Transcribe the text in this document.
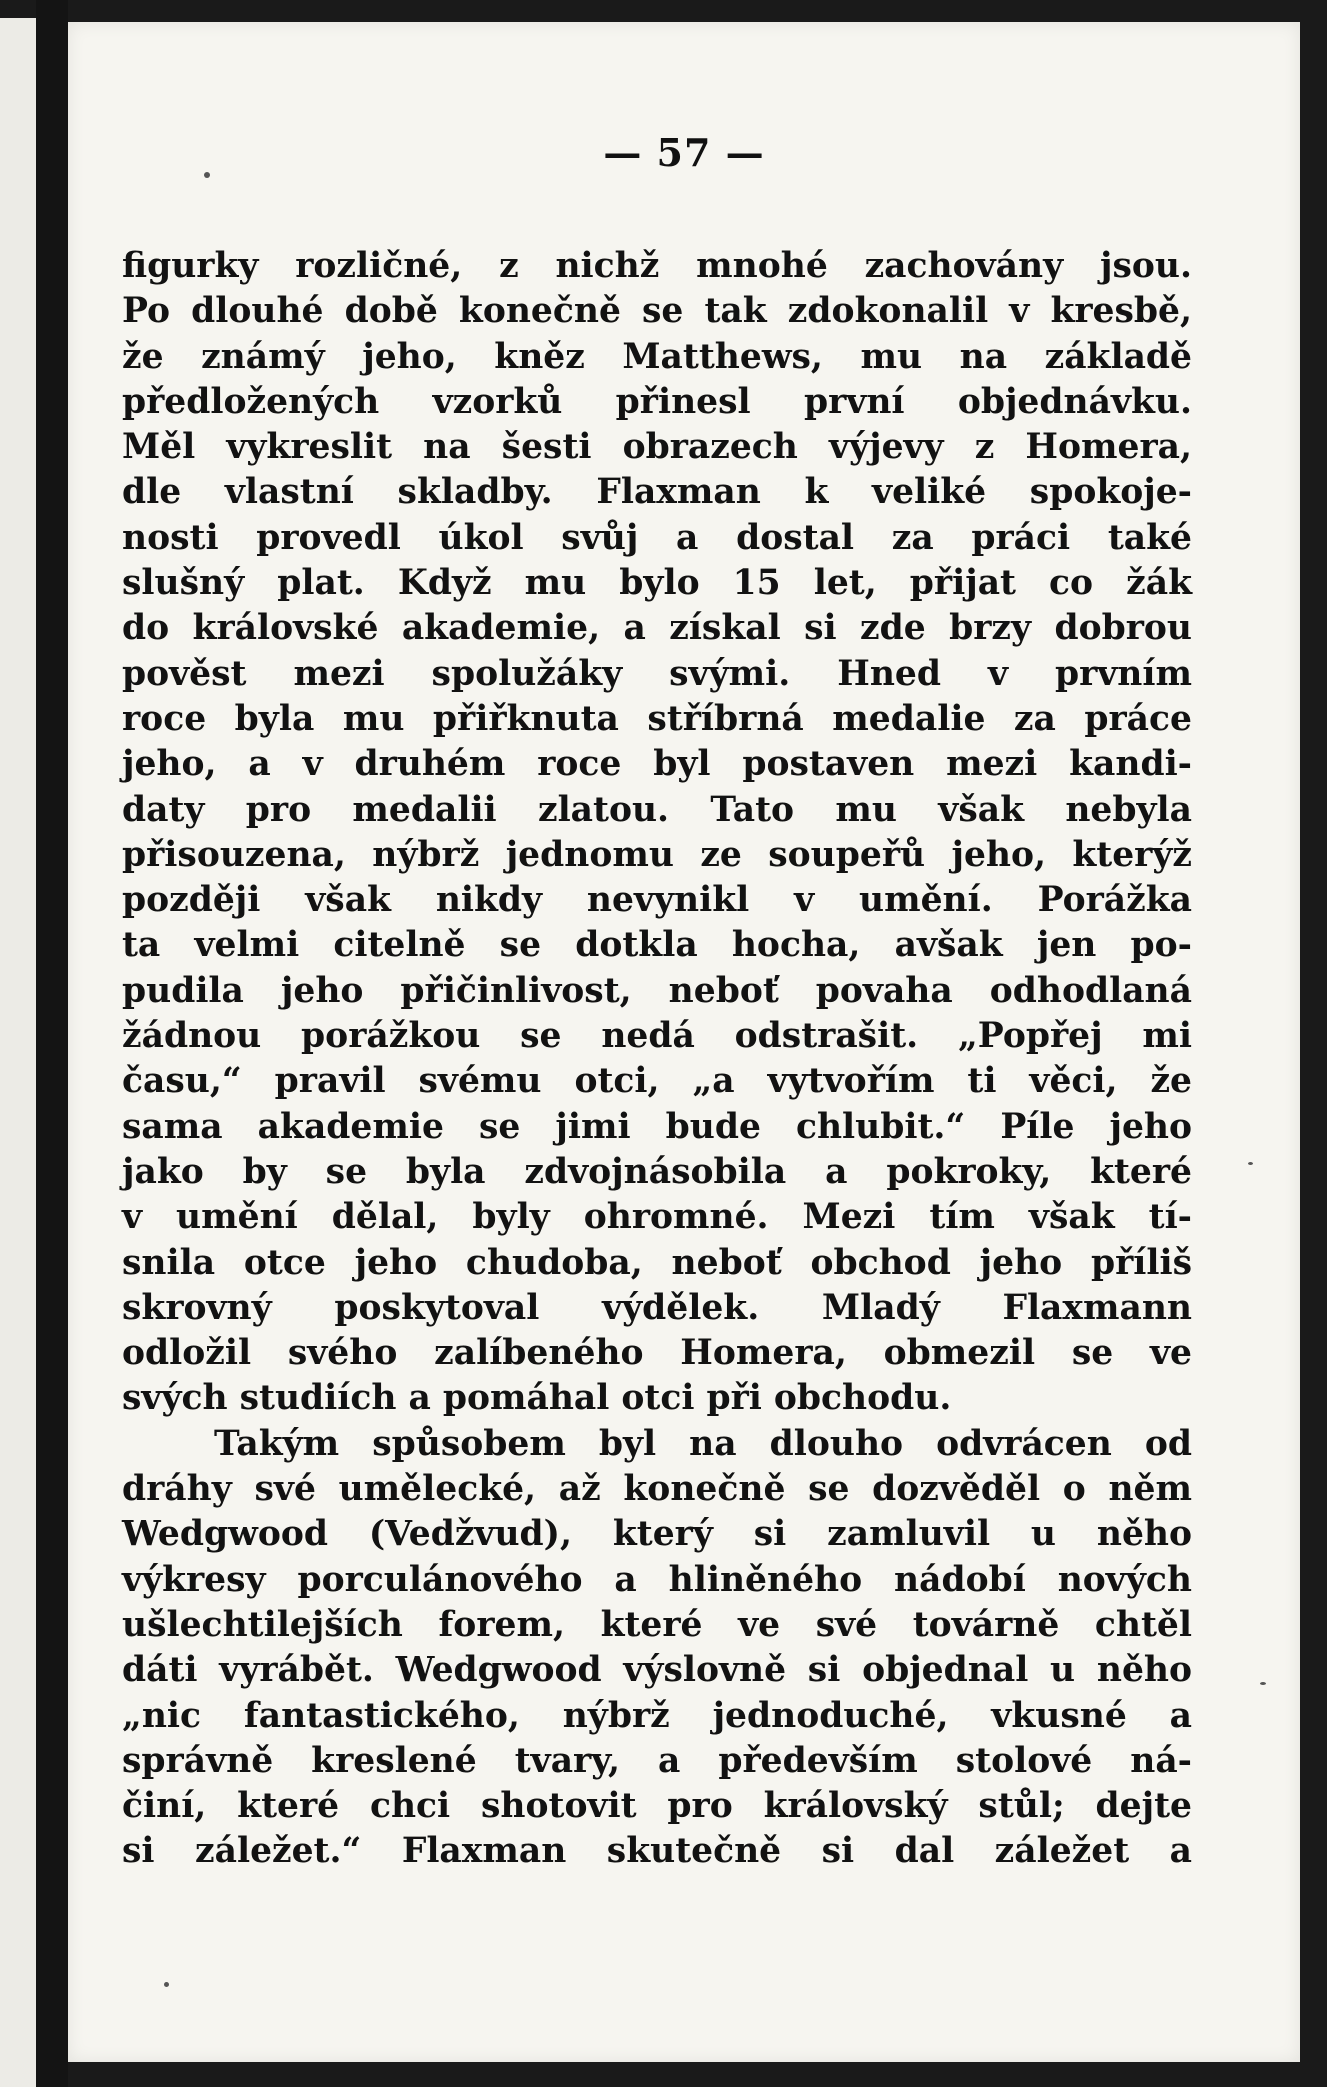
— 57 —
figurky rozličné, z nichž mnohé zachovány jsou.
Po dlouhé době konečně se tak zdokonalil v kresbě,
že známý jeho, kněz Matthews, mu na základě
předložených vzorků přinesl první objednávku.
Měl vykreslit na šesti obrazech výjevy z Homera,
dle vlastní skladby. Flaxman k veliké spokoje-
nosti provedl úkol svůj a dostal za práci také
slušný plat. Když mu bylo 15 let, přijat co žák
do královské akademie, a získal si zde brzy dobrou
pověst mezi spolužáky svými. Hned v prvním
roce byla mu přiřknuta stříbrná medalie za práce
jeho, a v druhém roce byl postaven mezi kandi-
daty pro medalii zlatou. Tato mu však nebyla
přisouzena, nýbrž jednomu ze soupeřů jeho, kterýž
později však nikdy nevynikl v umění. Porážka
ta velmi citelně se dotkla hocha, avšak jen po-
pudila jeho přičinlivost, neboť povaha odhodlaná
žádnou porážkou se nedá odstrašit. „Popřej mi
času,“ pravil svému otci, „a vytvořím ti věci, že
sama akademie se jimi bude chlubit.“ Píle jeho
jako by se byla zdvojnásobila a pokroky, které
v umění dělal, byly ohromné. Mezi tím však tí-
snila otce jeho chudoba, neboť obchod jeho příliš
skrovný poskytoval výdělek. Mladý Flaxmann
odložil svého zalíbeného Homera, obmezil se ve
svých studiích a pomáhal otci při obchodu.
Takým spůsobem byl na dlouho odvrácen od
dráhy své umělecké, až konečně se dozvěděl o něm
Wedgwood (Vedžvud), který si zamluvil u něho
výkresy porculánového a hliněného nádobí nových
ušlechtilejších forem, které ve své továrně chtěl
dáti vyrábět. Wedgwood výslovně si objednal u něho
„nic fantastického, nýbrž jednoduché, vkusné a
správně kreslené tvary, a především stolové ná-
činí, které chci shotovit pro královský stůl; dejte
si záležet.“ Flaxman skutečně si dal záležet a
